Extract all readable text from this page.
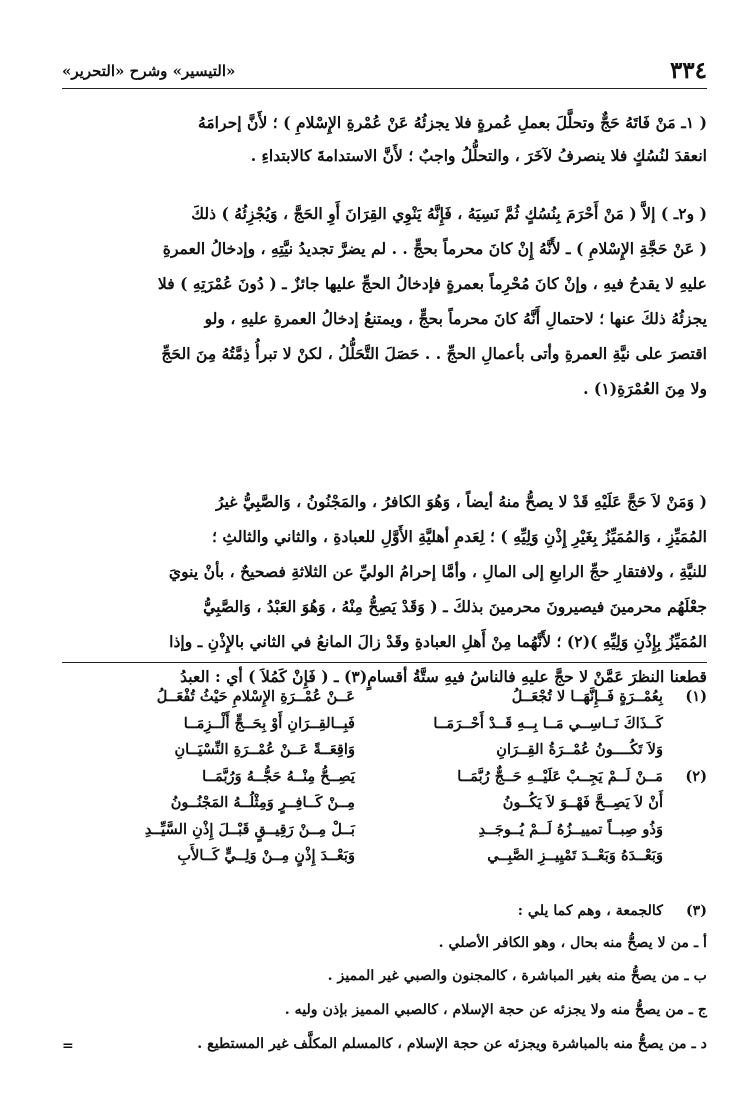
٣٣٤
«التيسير» وشرح «التحرير»
( ١ـ مَنْ فَاتَهُ حَجٌّ وتحلَّلَ بعملِ عُمرةٍ فلا يجزئُهُ عَنْ عُمْرةِ الإِسْلامِ ) ؛ لأَنَّ إحرامَهُ
انعقدَ لنُسُكٍ فلا ينصرفُ لآخَرَ ، والتحلُّلُ واجبٌ ؛ لأَنَّ الاستدامةَ كالابتداءِ .
( و٢ـ ) إلاَّ ( مَنْ أَحْرَمَ بِنُسُكٍ ثُمَّ نَسِيَهُ ، فَإِنَّهُ يَنْوِي القِرَانَ أَوِ الحَجَّ ، وَيُجْزِئُهُ ) ذلكَ
( عَنْ حَجَّةِ الإِسْلامِ ) ـ لأَنَّهُ إِنْ كانَ محرماً بحجٍّ . . لم يضرَّ تجديدُ نيَّتِهِ ، وإدخالُ العمرةِ
عليهِ لا يقدحُ فيهِ ، وإنْ كانَ مُحْرِماً بعمرةٍ فإدخالُ الحجِّ عليها جائزٌ ـ ( دُونَ عُمْرَتِهِ ) فلا
يجزئُهُ ذلكَ عنها ؛ لاحتمالِ أَنَّهُ كانَ محرماً بحجٍّ ، ويمتنعُ إدخالُ العمرةِ عليهِ ، ولو
اقتصرَ على نيَّةِ العمرةِ وأتى بأعمالِ الحجِّ . . حَصَلَ التَّحَلُّلُ ، لكنْ لا تبرأُ ذِمَّتُهُ مِنَ الحَجِّ
ولا مِنَ العُمْرَةِ(١) .
( وَمَنْ لاَ حَجَّ عَلَيْهِ قَدْ لا يصحُّ منهُ أيضاً ، وَهُوَ الكافرُ ، والمَجْنُونُ ، وَالصَّبِيُّ غيرُ
المُمَيِّزِ ، وَالمُمَيِّزُ بِغَيْرِ إِذْنِ وَلِيِّهِ ) ؛ لِعَدمِ أهليَّةِ الأَوَّلِ للعبادةِ ، والثاني والثالثِ ؛
للنيَّةِ ، ولافتقارِ حجِّ الرابعِ إلى المالِ ، وأمَّا إحرامُ الوليِّ عن الثلاثةِ فصحيحٌ ، بأنْ ينويَ
جعْلَهُم محرمينَ فيصيرونَ محرمينَ بذلكَ ـ ( وَقَدْ يَصِحُّ مِنْهُ ، وَهُوَ العَبْدُ ، وَالصَّبِيُّ
المُمَيِّزُ بِإِذْنِ وَلِيِّهِ )(٢) ؛ لأَنَّهُما مِنْ أَهلِ العبادةِ وقَدْ زالَ المانعُ في الثاني بالإِذْنِ ـ وإذا
قطعنا النظرَ عَمَّنْ لا حجَّ عليهِ فالناسُ فيهِ ستَّةُ أقسامٍ(٣) ـ ( فَإِنْ كَمُلاَ ) أي : العبدُ
(١)
بِعُمْــرَةٍ فَــإِنَّهَــا لا تُجْعَــلُ
عَــنْ عُمْــرَةِ الإِسْلامِ حَيْثُ تُفْعَــلُ
كَــذَاكَ نَــاسِــي مَــا بِــهِ قَــدْ أَحْــرَمَــا
فَبِــالقِــرَانِ أَوْ بِحَــجٍّ أَلْــزِمَــا
وَلاَ تَكُــــونُ عُمْــرَةُ القِــرَانِ
وَاقِعَــةً عَــنْ عُمْــرَةِ النِّسْيَــانِ
(٢)
مَــنْ لَــمْ يَجِــبْ عَلَيْــهِ حَــجٌّ رُبَّمَــا
يَصِــحُّ مِنْــهُ حَجُّــهُ وَرُبَّمَــا
أَنْ لاَ يَصِــحَّ فَهْــوَ لاَ يَكُــونُ
مِــنْ كَــافِــرٍ وَمِثْلُــهُ المَجْنُــونُ
وَذُو صِبــاً تمييــزُهُ لَــمْ يُــوجَــدِ
بَــلْ مِــنْ رَقِيــقٍ قَبْــلَ إِذْنِ السَّيِّــدِ
وَبَعْــدَهُ وَبَعْــدَ تَمْيِيــزِ الصَّبِــي
وَبَعْــدَ إِذْنٍ مِــنْ وَلِــيٍّ كَــالأَبِ
(٣)
كالجمعة ، وهم كما يلي :
أ ـ من لا يصحُّ منه بحال ، وهو الكافر الأصلي .
ب ـ من يصحُّ منه بغير المباشرة ، كالمجنون والصبي غير المميز .
ج ـ من يصحُّ منه ولا يجزئه عن حجة الإسلام ، كالصبي المميز بإذن وليه .
د ـ من يصحُّ منه بالمباشرة ويجزئه عن حجة الإسلام ، كالمسلم المكلَّف غير المستطيع .
=
